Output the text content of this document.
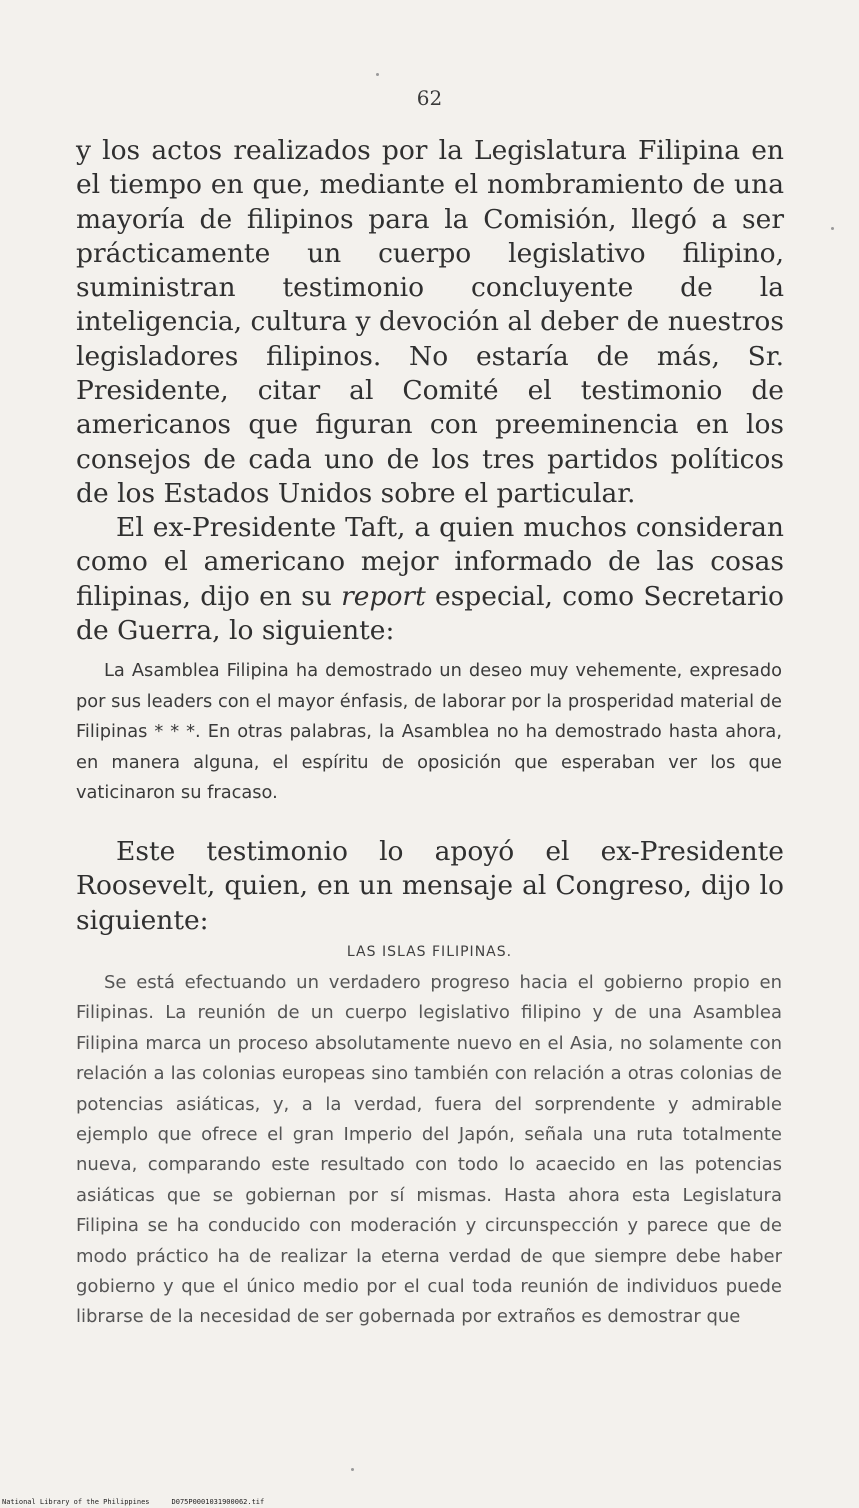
62

y los actos realizados por la Legislatura Filipina en el tiempo en que, mediante el nombramiento de una mayoría de filipinos para la Comisión, llegó a ser prácticamente un cuerpo legislativo filipino, suministran testimonio concluyente de la inteligencia, cultura y devoción al deber de nuestros legisladores filipinos. No estaría de más, Sr. Presidente, citar al Comité el testimonio de americanos que figuran con preeminencia en los consejos de cada uno de los tres partidos políticos de los Estados Unidos sobre el particular.

El ex-Presidente Taft, a quien muchos consideran como el americano mejor informado de las cosas filipinas, dijo en su report especial, como Secretario de Guerra, lo siguiente:

La Asamblea Filipina ha demostrado un deseo muy vehemente, expresado por sus leaders con el mayor énfasis, de laborar por la prosperidad material de Filipinas * * *. En otras palabras, la Asamblea no ha demostrado hasta ahora, en manera alguna, el espíritu de oposición que esperaban ver los que vaticinaron su fracaso.

Este testimonio lo apoyó el ex-Presidente Roosevelt, quien, en un mensaje al Congreso, dijo lo siguiente:

LAS ISLAS FILIPINAS.

Se está efectuando un verdadero progreso hacia el gobierno propio en Filipinas. La reunión de un cuerpo legislativo filipino y de una Asamblea Filipina marca un proceso absolutamente nuevo en el Asia, no solamente con relación a las colonias europeas sino también con relación a otras colonias de potencias asiáticas, y, a la verdad, fuera del sorprendente y admirable ejemplo que ofrece el gran Imperio del Japón, señala una ruta totalmente nueva, comparando este resultado con todo lo acaecido en las potencias asiáticas que se gobiernan por sí mismas. Hasta ahora esta Legislatura Filipina se ha conducido con moderación y circunspección y parece que de modo práctico ha de realizar la eterna verdad de que siempre debe haber gobierno y que el único medio por el cual toda reunión de individuos puede librarse de la necesidad de ser gobernada por extraños es demostrar que

National Library of the Philippines	D075P0001031900062.tif
